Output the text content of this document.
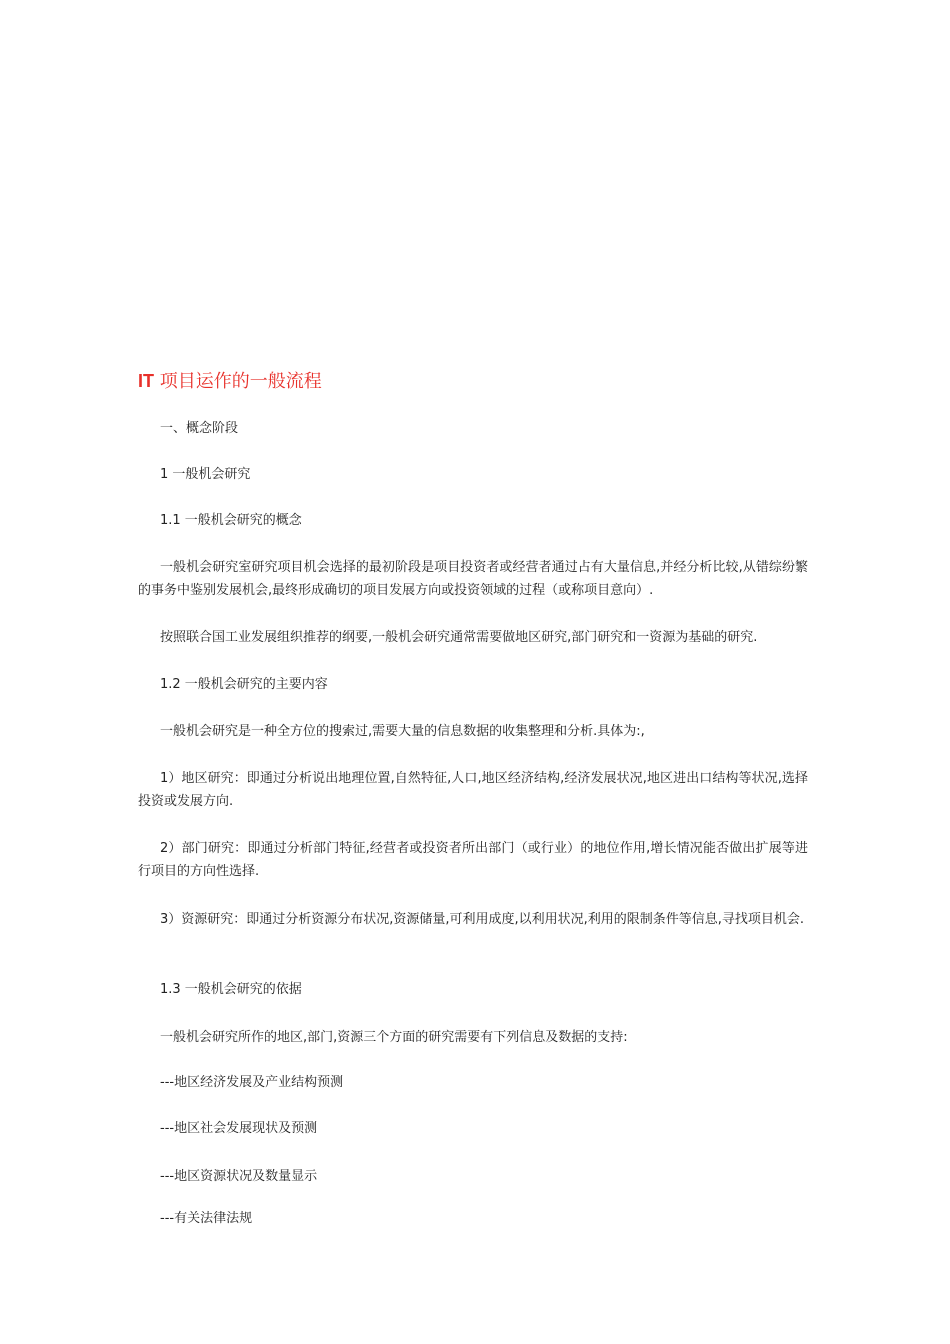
IT 项目运作的一般流程
一、概念阶段
1 一般机会研究
1.1 一般机会研究的概念
一般机会研究室研究项目机会选择的最初阶段是项目投资者或经营者通过占有大量信息,并经分析比较,从错综纷繁的事务中鉴别发展机会,最终形成确切的项目发展方向或投资领域的过程（或称项目意向）.
按照联合国工业发展组织推荐的纲要,一般机会研究通常需要做地区研究,部门研究和一资源为基础的研究.
1.2 一般机会研究的主要内容
一般机会研究是一种全方位的搜索过,需要大量的信息数据的收集整理和分析.具体为:,
1）地区研究：即通过分析说出地理位置,自然特征,人口,地区经济结构,经济发展状况,地区进出口结构等状况,选择投资或发展方向.
2）部门研究：即通过分析部门特征,经营者或投资者所出部门（或行业）的地位作用,增长情况能否做出扩展等进行项目的方向性选择.
3）资源研究：即通过分析资源分布状况,资源储量,可利用成度,以利用状况,利用的限制条件等信息,寻找项目机会.
1.3 一般机会研究的依据
一般机会研究所作的地区,部门,资源三个方面的研究需要有下列信息及数据的支持:
---地区经济发展及产业结构预测
---地区社会发展现状及预测
---地区资源状况及数量显示
---有关法律法规
